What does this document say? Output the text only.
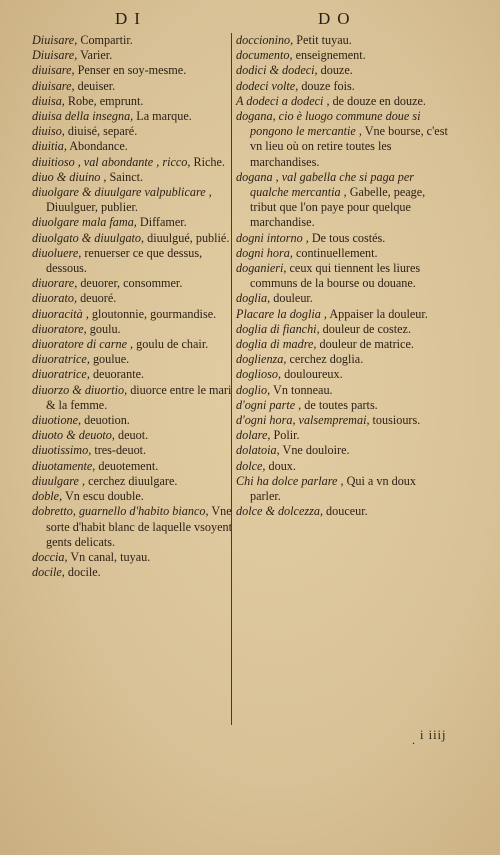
DI	DO

Diuisare, Compartir.

Diuisare, Varier.

diuisare, Penser en soy-mesme.

diuisare, deuiser.

diuisa, Robe, emprunt.

diuisa della insegna, La marque.

diuiso, diuisé, separé.

diuitia, Abondance.

diuitioso , val abondante , ricco, Riche.

diuo & diuino , Sainct.

diuolgare & diuulgare valpublicare , Diuulguer, publier.

diuolgare mala fama, Diffamer.

diuolgato & diuulgato, diuulgué, publié.

diuoluere, renuerser ce que dessus, dessous.

diuorare, deuorer, consommer.

diuorato, deuoré.

diuoracità , gloutonnie, gourmandise.

diuoratore, goulu.

diuoratore di carne , goulu de chair.

diuoratrice, goulue.

diuoratrice, deuorante.

diuorzo & diuortio, diuorce entre le mari & la femme.

diuotione, deuotion.

diuoto & deuoto, deuot.

diuotissimo, tres-deuot.

diuotamente, deuotement.

diuulgare , cerchez diuulgare.

doble, Vn escu double.

dobretto, guarnello d'habito bianco, Vne sorte d'habit blanc de laquelle vsoyent gents delicats.

doccia, Vn canal, tuyau.

docile, docile.

doccionino, Petit tuyau.

documento, enseignement.

dodici & dodeci, douze.

dodeci volte, douze fois.

A dodeci a dodeci , de douze en douze.

dogana, cio è luogo commune doue si pongono le mercantie , Vne bourse, c'est vn lieu où on retire toutes les marchandises.

dogana , val gabella che si paga per qualche mercantia , Gabelle, peage, tribut que l'on paye pour quelque marchandise.

dogni intorno , De tous costés.

dogni hora, continuellement.

doganieri, ceux qui tiennent les liures communs de la bourse ou douane.

doglia, douleur.

Placare la doglia , Appaiser la douleur.

doglia di fianchi, douleur de costez.

doglia di madre, douleur de matrice.

doglienza, cerchez doglia.

doglioso, douloureux.

doglio, Vn tonneau.

d'ogni parte , de toutes parts.

d'ogni hora, valsempremai, tousiours.

dolare, Polir.

dolatoia, Vne douloire.

dolce, doux.

Chi ha dolce parlare , Qui a vn doux parler.

dolce & dolcezza, douceur.

. i iiij
